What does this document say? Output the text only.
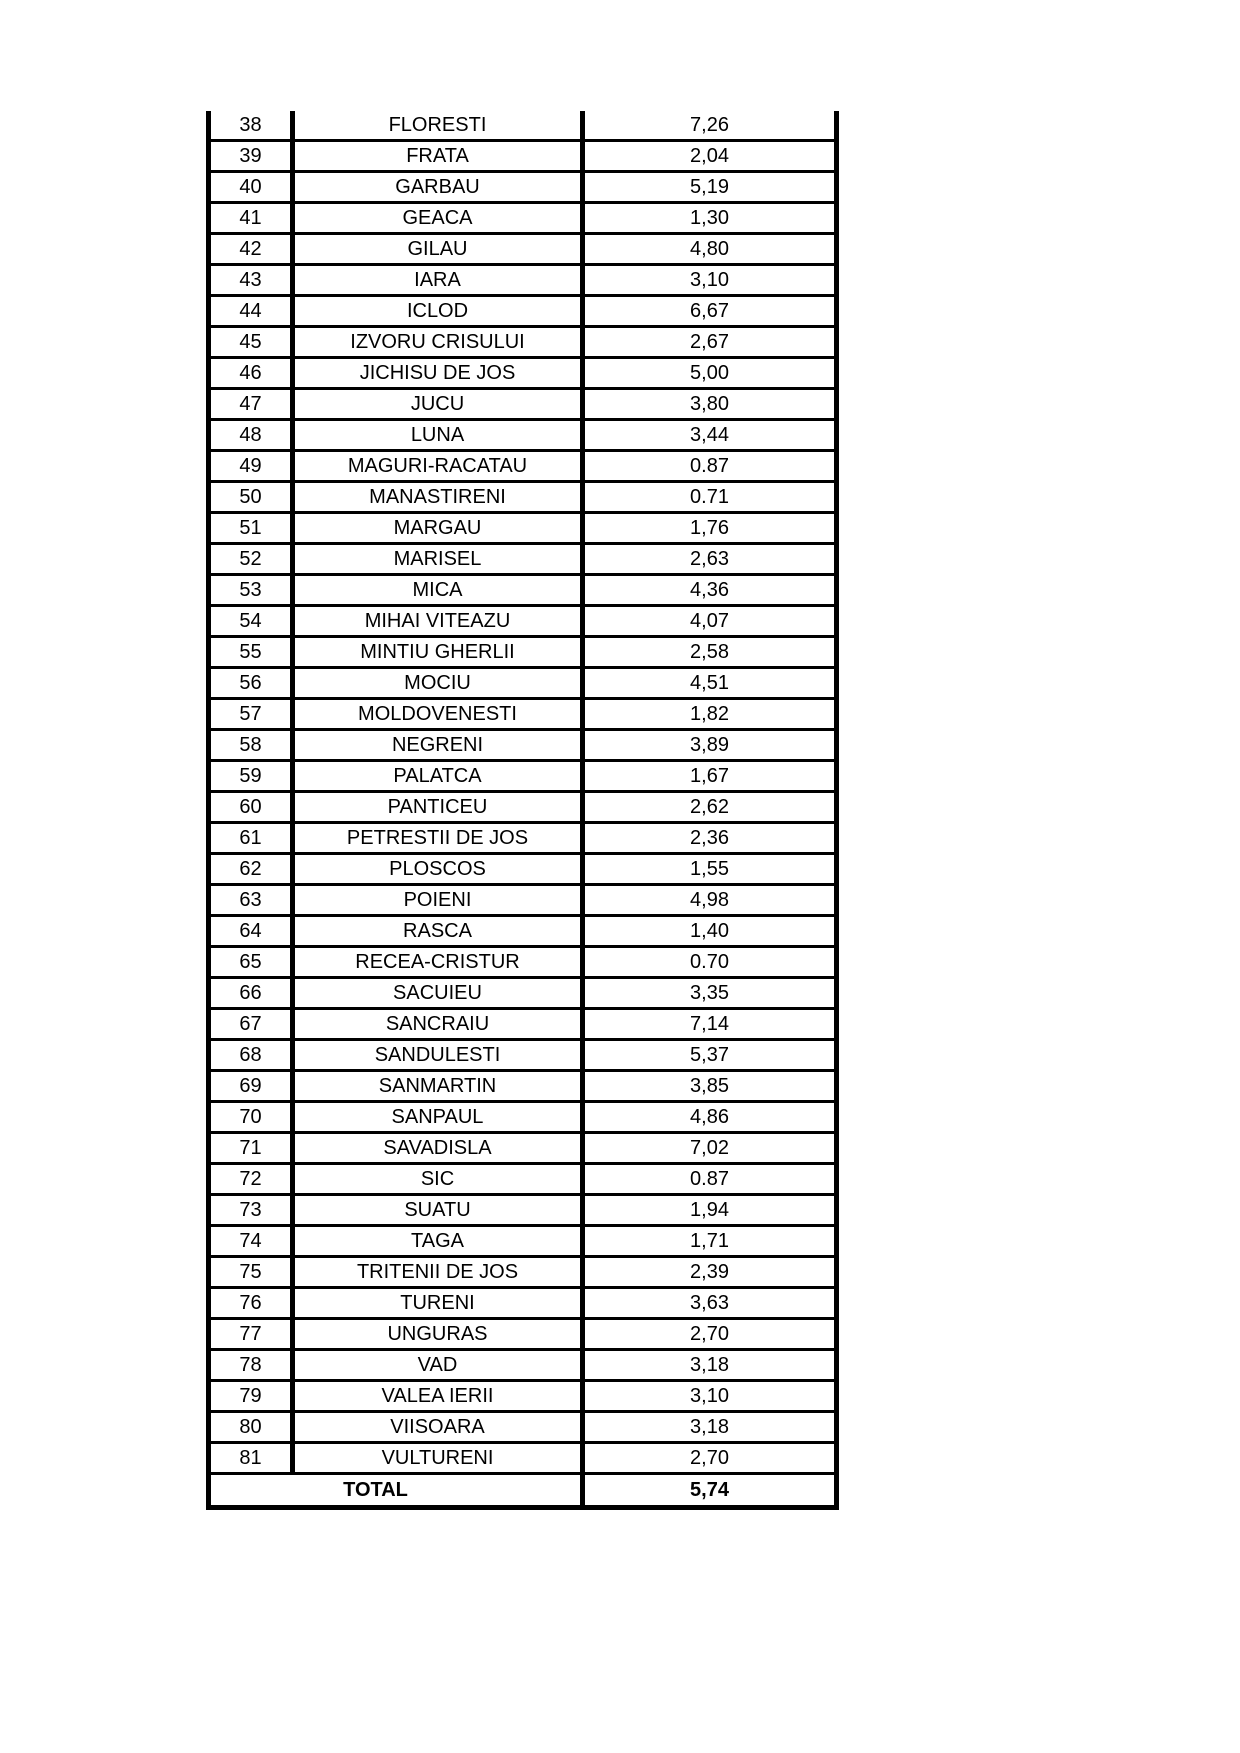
38	FLORESTI	7,26
39	FRATA	2,04
40	GARBAU	5,19
41	GEACA	1,30
42	GILAU	4,80
43	IARA	3,10
44	ICLOD	6,67
45	IZVORU CRISULUI	2,67
46	JICHISU DE JOS	5,00
47	JUCU	3,80
48	LUNA	3,44
49	MAGURI-RACATAU	0.87
50	MANASTIRENI	0.71
51	MARGAU	1,76
52	MARISEL	2,63
53	MICA	4,36
54	MIHAI VITEAZU	4,07
55	MINTIU GHERLII	2,58
56	MOCIU	4,51
57	MOLDOVENESTI	1,82
58	NEGRENI	3,89
59	PALATCA	1,67
60	PANTICEU	2,62
61	PETRESTII DE JOS	2,36
62	PLOSCOS	1,55
63	POIENI	4,98
64	RASCA	1,40
65	RECEA-CRISTUR	0.70
66	SACUIEU	3,35
67	SANCRAIU	7,14
68	SANDULESTI	5,37
69	SANMARTIN	3,85
70	SANPAUL	4,86
71	SAVADISLA	7,02
72	SIC	0.87
73	SUATU	1,94
74	TAGA	1,71
75	TRITENII DE JOS	2,39
76	TURENI	3,63
77	UNGURAS	2,70
78	VAD	3,18
79	VALEA IERII	3,10
80	VIISOARA	3,18
81	VULTURENI	2,70
TOTAL		5,74
